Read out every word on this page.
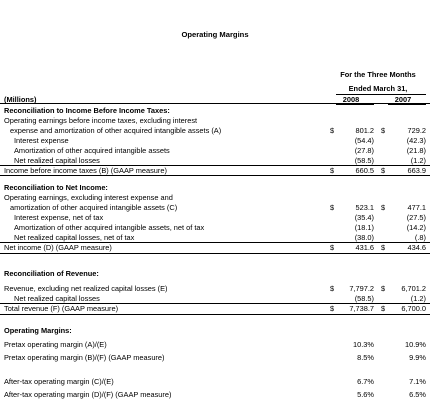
Operating Margins
For the Three Months
Ended March 31,
(Millions)	2008	2007
Reconciliation to Income Before Income Taxes:
Operating earnings before income taxes, excluding interest
expense and amortization of other acquired intangible assets (A)	$	801.2 $	729.2
Interest expense	(54.4)	(42.3)
Amortization of other acquired intangible assets	(27.8)	(21.8)
Net realized capital losses	(58.5)	(1.2)
Income before income taxes (B) (GAAP measure)	$	660.5 $	663.9
Reconciliation to Net Income:
Operating earnings, excluding interest expense and
amortization of other acquired intangible assets (C)	$	523.1 $	477.1
Interest expense, net of tax	(35.4)	(27.5)
Amortization of other acquired intangible assets, net of tax	(18.1)	(14.2)
Net realized capital losses, net of tax	(38.0)	(.8)
Net income (D) (GAAP measure)	$	431.6 $	434.6
Reconciliation of Revenue:
Revenue, excluding net realized capital losses (E)	$	7,797.2 $	6,701.2
Net realized capital losses	(58.5)	(1.2)
Total revenue (F) (GAAP measure)	$	7,738.7 $	6,700.0
Operating Margins:
Pretax operating margin (A)/(E)	10.3%	10.9%
Pretax operating margin (B)/(F) (GAAP measure)	8.5%	9.9%
After-tax operating margin (C)/(E)	6.7%	7.1%
After-tax operating margin (D)/(F) (GAAP measure)	5.6%	6.5%
